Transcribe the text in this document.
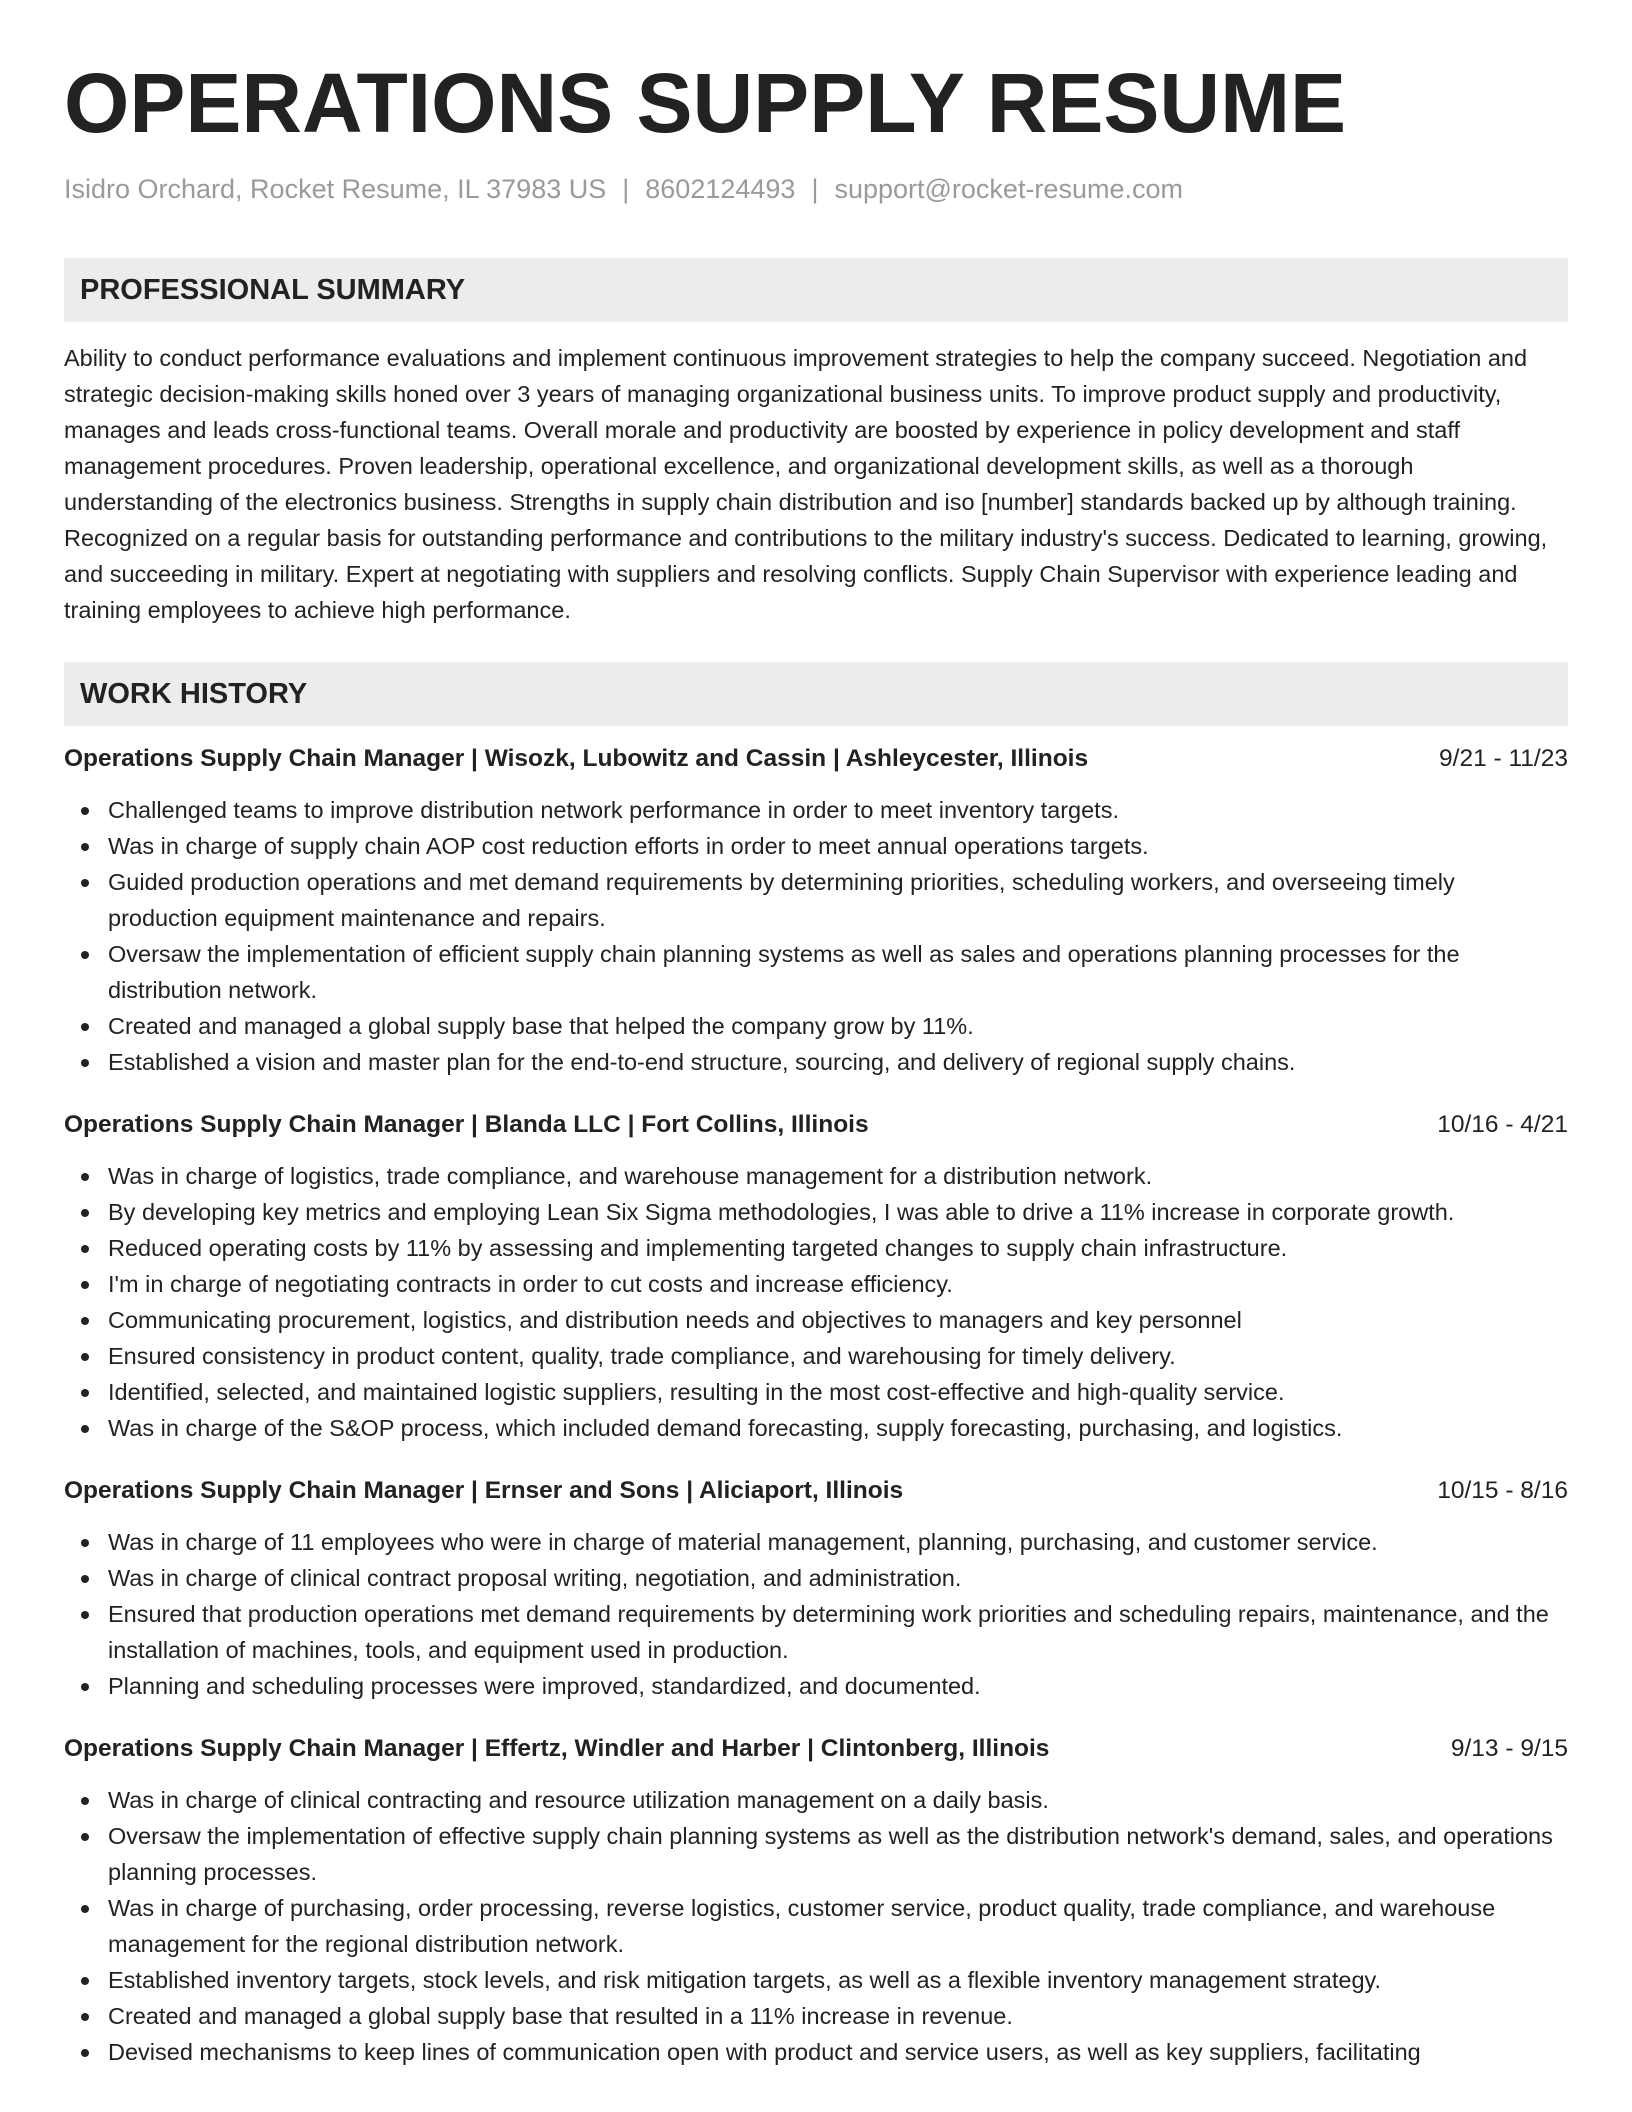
OPERATIONS SUPPLY RESUME
Isidro Orchard, Rocket Resume, IL 37983 US | 8602124493 | support@rocket-resume.com
PROFESSIONAL SUMMARY

Ability to conduct performance evaluations and implement continuous improvement strategies to help the company succeed. Negotiation and strategic decision-making skills honed over 3 years of managing organizational business units. To improve product supply and productivity, manages and leads cross-functional teams. Overall morale and productivity are boosted by experience in policy development and staff management procedures. Proven leadership, operational excellence, and organizational development skills, as well as a thorough understanding of the electronics business. Strengths in supply chain distribution and iso [number] standards backed up by although training. Recognized on a regular basis for outstanding performance and contributions to the military industry's success. Dedicated to learning, growing, and succeeding in military. Expert at negotiating with suppliers and resolving conflicts. Supply Chain Supervisor with experience leading and training employees to achieve high performance.

WORK HISTORY
Operations Supply Chain Manager | Wisozk, Lubowitz and Cassin | Ashleycester, Illinois	9/21 - 11/23
Challenged teams to improve distribution network performance in order to meet inventory targets.
Was in charge of supply chain AOP cost reduction efforts in order to meet annual operations targets.
Guided production operations and met demand requirements by determining priorities, scheduling workers, and overseeing timely production equipment maintenance and repairs.
Oversaw the implementation of efficient supply chain planning systems as well as sales and operations planning processes for the distribution network.
Created and managed a global supply base that helped the company grow by 11%.
Established a vision and master plan for the end-to-end structure, sourcing, and delivery of regional supply chains.
Operations Supply Chain Manager | Blanda LLC | Fort Collins, Illinois	10/16 - 4/21
Was in charge of logistics, trade compliance, and warehouse management for a distribution network.
By developing key metrics and employing Lean Six Sigma methodologies, I was able to drive a 11% increase in corporate growth.
Reduced operating costs by 11% by assessing and implementing targeted changes to supply chain infrastructure.
I'm in charge of negotiating contracts in order to cut costs and increase efficiency.
Communicating procurement, logistics, and distribution needs and objectives to managers and key personnel
Ensured consistency in product content, quality, trade compliance, and warehousing for timely delivery.
Identified, selected, and maintained logistic suppliers, resulting in the most cost-effective and high-quality service.
Was in charge of the S&OP process, which included demand forecasting, supply forecasting, purchasing, and logistics.
Operations Supply Chain Manager | Ernser and Sons | Aliciaport, Illinois	10/15 - 8/16
Was in charge of 11 employees who were in charge of material management, planning, purchasing, and customer service.
Was in charge of clinical contract proposal writing, negotiation, and administration.
Ensured that production operations met demand requirements by determining work priorities and scheduling repairs, maintenance, and the installation of machines, tools, and equipment used in production.
Planning and scheduling processes were improved, standardized, and documented.
Operations Supply Chain Manager | Effertz, Windler and Harber | Clintonberg, Illinois	9/13 - 9/15
Was in charge of clinical contracting and resource utilization management on a daily basis.
Oversaw the implementation of effective supply chain planning systems as well as the distribution network's demand, sales, and operations planning processes.
Was in charge of purchasing, order processing, reverse logistics, customer service, product quality, trade compliance, and warehouse management for the regional distribution network.
Established inventory targets, stock levels, and risk mitigation targets, as well as a flexible inventory management strategy.
Created and managed a global supply base that resulted in a 11% increase in revenue.
Devised mechanisms to keep lines of communication open with product and service users, as well as key suppliers, facilitating
